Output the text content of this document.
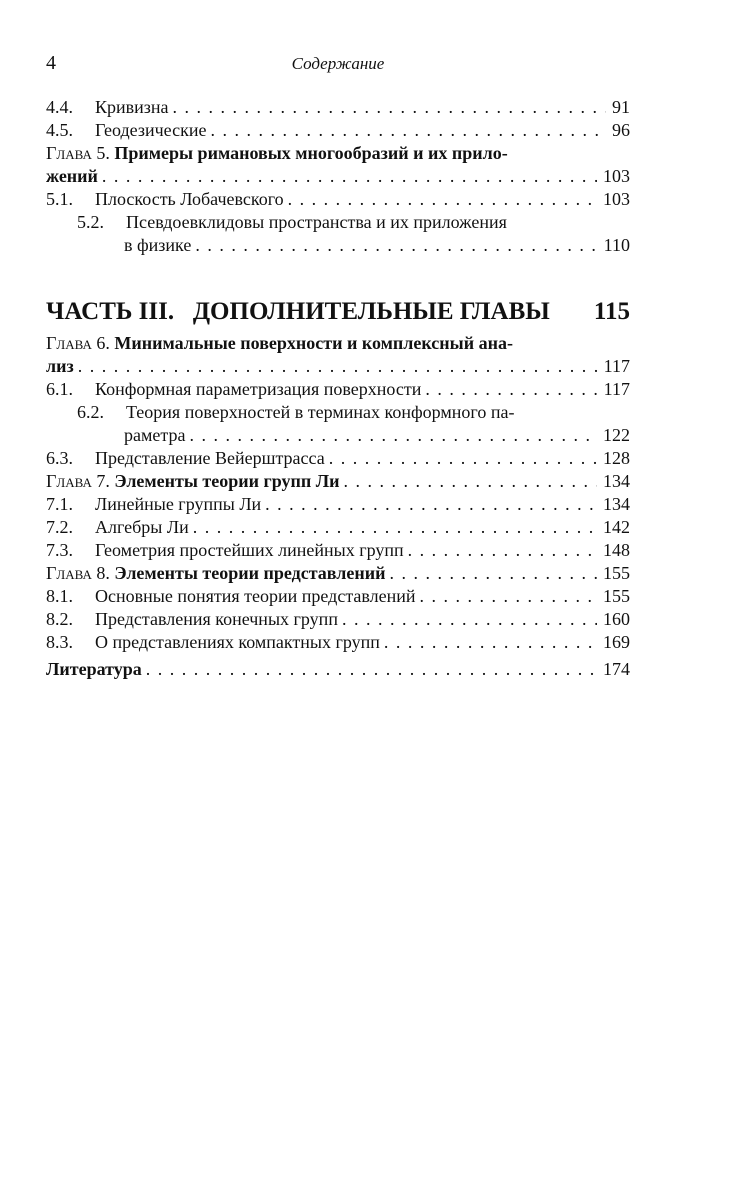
4	Содержание
4.4.	Кривизна . . .	91
4.5.	Геодезические . . .	96
Глава 5. Примеры римановых многообразий и их прило-
жений . . .	103
5.1.	Плоскость Лобачевского . . .	103
5.2.	Псевдоевклидовы пространства и их приложения
в физике . . .	110
ЧАСТЬ III. ДОПОЛНИТЕЛЬНЫЕ ГЛАВЫ 115
Глава 6. Минимальные поверхности и комплексный ана-
лиз . . .	117
6.1.	Конформная параметризация поверхности . . .	117
6.2.	Теория поверхностей в терминах конформного па-
раметра . . .	122
6.3.	Представление Вейерштрасса . . .	128
Глава 7. Элементы теории групп Ли . . .	134
7.1.	Линейные группы Ли . . .	134
7.2.	Алгебры Ли . . .	142
7.3.	Геометрия простейших линейных групп . . .	148
Глава 8. Элементы теории представлений . . .	155
8.1.	Основные понятия теории представлений . . .	155
8.2.	Представления конечных групп . . .	160
8.3.	О представлениях компактных групп . . .	169
Литература . . .	174
